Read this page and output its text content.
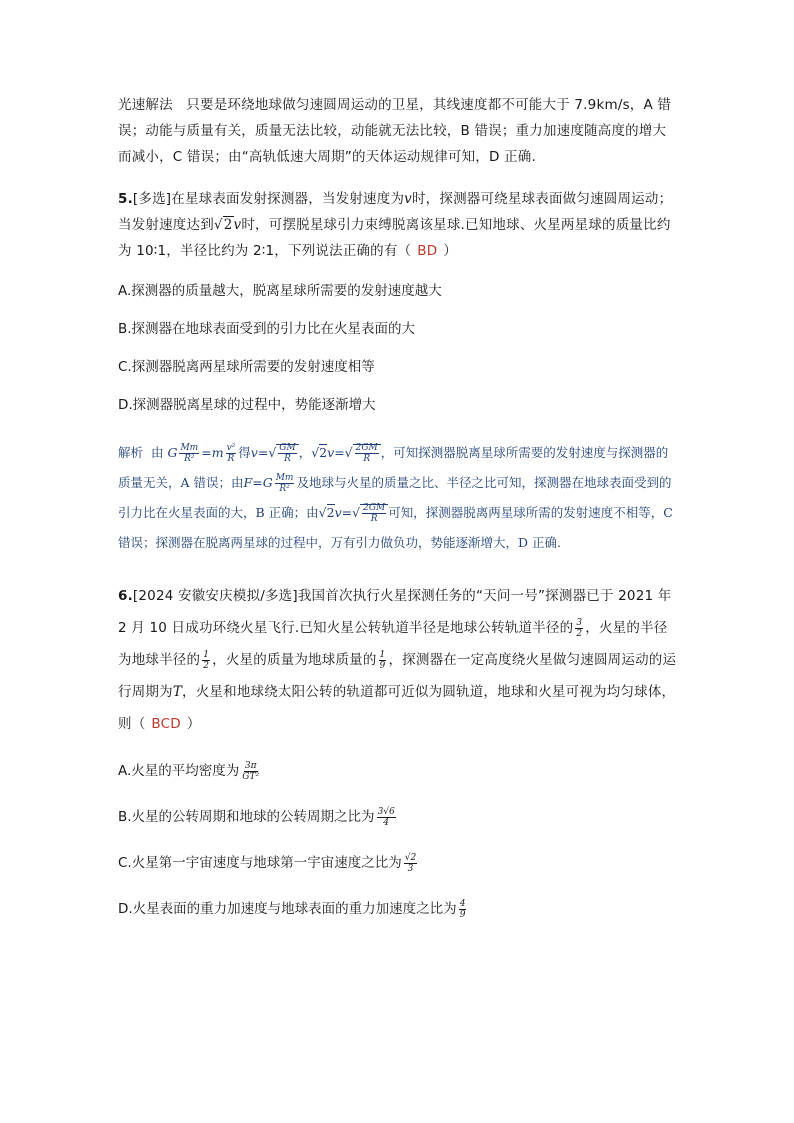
光速解法 只要是环绕地球做匀速圆周运动的卫星，其线速度都不可能大于 7.9km/s，A 错误；动能与质量有关，质量无法比较，动能就无法比较，B 错误；重力加速度随高度的增大而减小，C 错误；由“高轨低速大周期”的天体运动规律可知，D 正确.

5.[多选]在星球表面发射探测器，当发射速度为v时，探测器可绕星球表面做匀速圆周运动；当发射速度达到√2v时，可摆脱星球引力束缚脱离该星球.已知地球、火星两星球的质量比约为 10∶1，半径比约为 2∶1，下列说法正确的有（ BD ）

A.探测器的质量越大，脱离星球所需要的发射速度越大

B.探测器在地球表面受到的引力比在火星表面的大

C.探测器脱离两星球所需要的发射速度相等

D.探测器脱离星球的过程中，势能逐渐增大

解析 由 G $\frac{Mm}{\text{R²}} =m \frac{\text{v²}}{R}$ 得$v=√ \frac{GM}{R}$ ，$√2v=√ \frac{2GM}{R}$ ，可知探测器脱离星球所需要的发射速度与探测器的质量无关，A 错误；由$F=G \frac{Mm}{\text{R²}}$ 及地球与火星的质量之比、半径之比可知，探测器在地球表面受到的引力比在火星表面的大，B 正确；由$√2v=√ \frac{2GM}{R}$ 可知，探测器脱离两星球所需的发射速度不相等，C 错误；探测器在脱离两星球的过程中，万有引力做负功，势能逐渐增大，D 正确.

6.[2024 安徽安庆模拟/多选]我国首次执行火星探测任务的“天问一号”探测器已于 2021 年 2 月 10 日成功环绕火星飞行.已知火星公转轨道半径是地球公转轨道半径的 $\frac{3}{2}$ ，火星的半径为地球半径的 $\frac{1}{2}$ ，火星的质量为地球质量的 $\frac{1}{9}$ ，探测器在一定高度绕火星做匀速圆周运动的运行周期为T，火星和地球绕太阳公转的轨道都可近似为圆轨道，地球和火星可视为均匀球体，则（ BCD ）

A.火星的平均密度为 $\frac{3\pi}{\text{GT²}}$

B.火星的公转周期和地球的公转周期之比为 $\frac{3√6}{4}$

C.火星第一宇宙速度与地球第一宇宙速度之比为 $\frac{√2}{3}$

D.火星表面的重力加速度与地球表面的重力加速度之比为 $\frac{4}{9}$
